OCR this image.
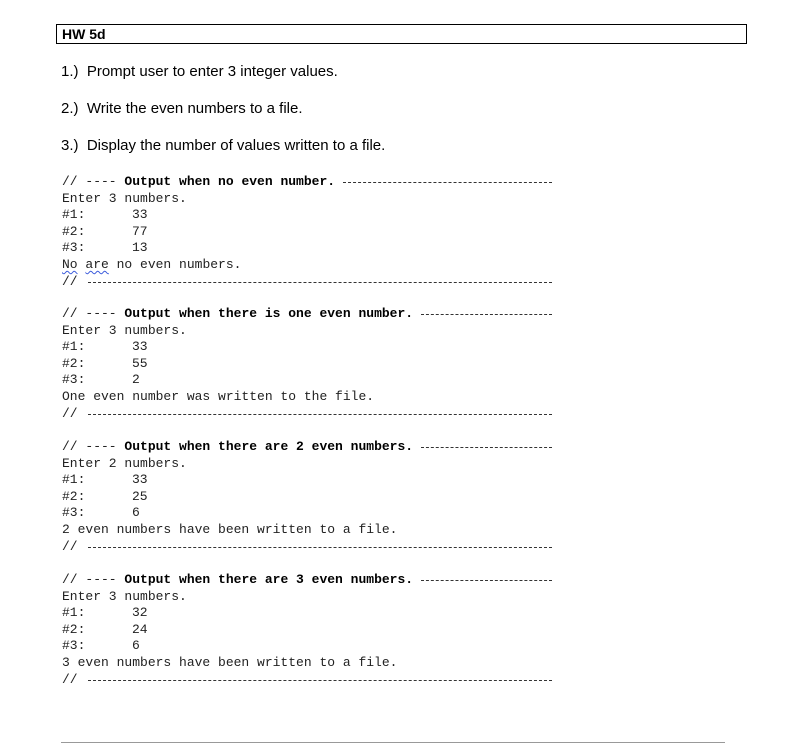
HW 5d
1.)  Prompt user to enter 3 integer values.
2.)  Write the even numbers to a file.
3.)  Display the number of values written to a file.
// ----
Output when no even number.
Enter 3 numbers.
#1:	33
#2:	77
#3:	13
No are no even numbers.
//
// ----
Output when there is one even number.
Enter 3 numbers.
#1:	33
#2:	55
#3:	2
One even number was written to the file.
//
// ----
Output when there are 2 even numbers.
Enter 2 numbers.
#1:	33
#2:	25
#3:	6
2 even numbers have been written to a file.
//
// ----
Output when there are 3 even numbers.
Enter 3 numbers.
#1:	32
#2:	24
#3:	6
3 even numbers have been written to a file.
//
